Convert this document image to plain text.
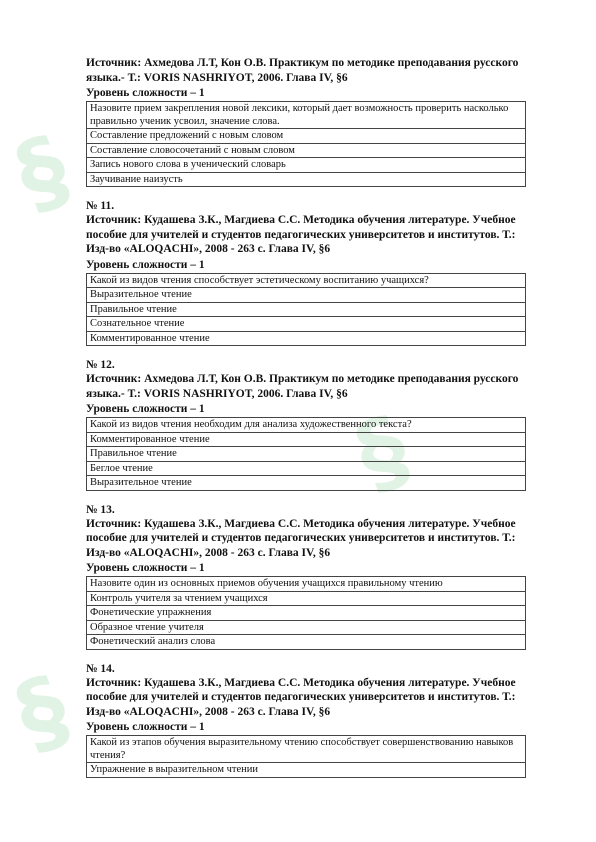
§
§
§
Источник: Ахмедова Л.Т, Кон О.В. Практикум по методике преподавания русского языка.- Т.: VORIS NASHRIYOT, 2006. Глава IV, §6
Уровень сложности – 1
Назовите прием закрепления новой лексики, который дает возможность проверить насколько правильно ученик усвоил, значение слова.
Составление предложений с новым словом
Составление словосочетаний с новым словом
Запись нового слова в ученический словарь
Заучивание наизусть
№ 11.
Источник: Кудашева З.К., Магдиева С.С. Методика обучения литературе. Учебное пособие для учителей и студентов педагогических университетов и институтов. Т.: Изд-во «ALOQACHI», 2008 - 263 с. Глава IV, §6
Уровень сложности – 1
Какой из видов чтения способствует эстетическому воспитанию учащихся?
Выразительное чтение
Правильное чтение
Сознательное чтение
Комментированное чтение
№ 12.
Источник: Ахмедова Л.Т, Кон О.В. Практикум по методике преподавания русского языка.- Т.: VORIS NASHRIYOT, 2006. Глава IV, §6
Уровень сложности – 1
Какой из видов чтения необходим для анализа художественного текста?
Комментированное чтение
Правильное чтение
Беглое чтение
Выразительное чтение
№ 13.
Источник: Кудашева З.К., Магдиева С.С. Методика обучения литературе. Учебное пособие для учителей и студентов педагогических университетов и институтов. Т.: Изд-во «ALOQACHI», 2008 - 263 с. Глава IV, §6
Уровень сложности – 1
Назовите один из основных приемов обучения учащихся правильному чтению
Контроль учителя за чтением учащихся
Фонетические упражнения
Образное чтение учителя
Фонетический анализ слова
№ 14.
Источник: Кудашева З.К., Магдиева С.С. Методика обучения литературе. Учебное пособие для учителей и студентов педагогических университетов и институтов. Т.: Изд-во «ALOQACHI», 2008 - 263 с. Глава IV, §6
Уровень сложности – 1
Какой из этапов обучения выразительному чтению способствует совершенствованию навыков чтения?
Упражнение в выразительном чтении
